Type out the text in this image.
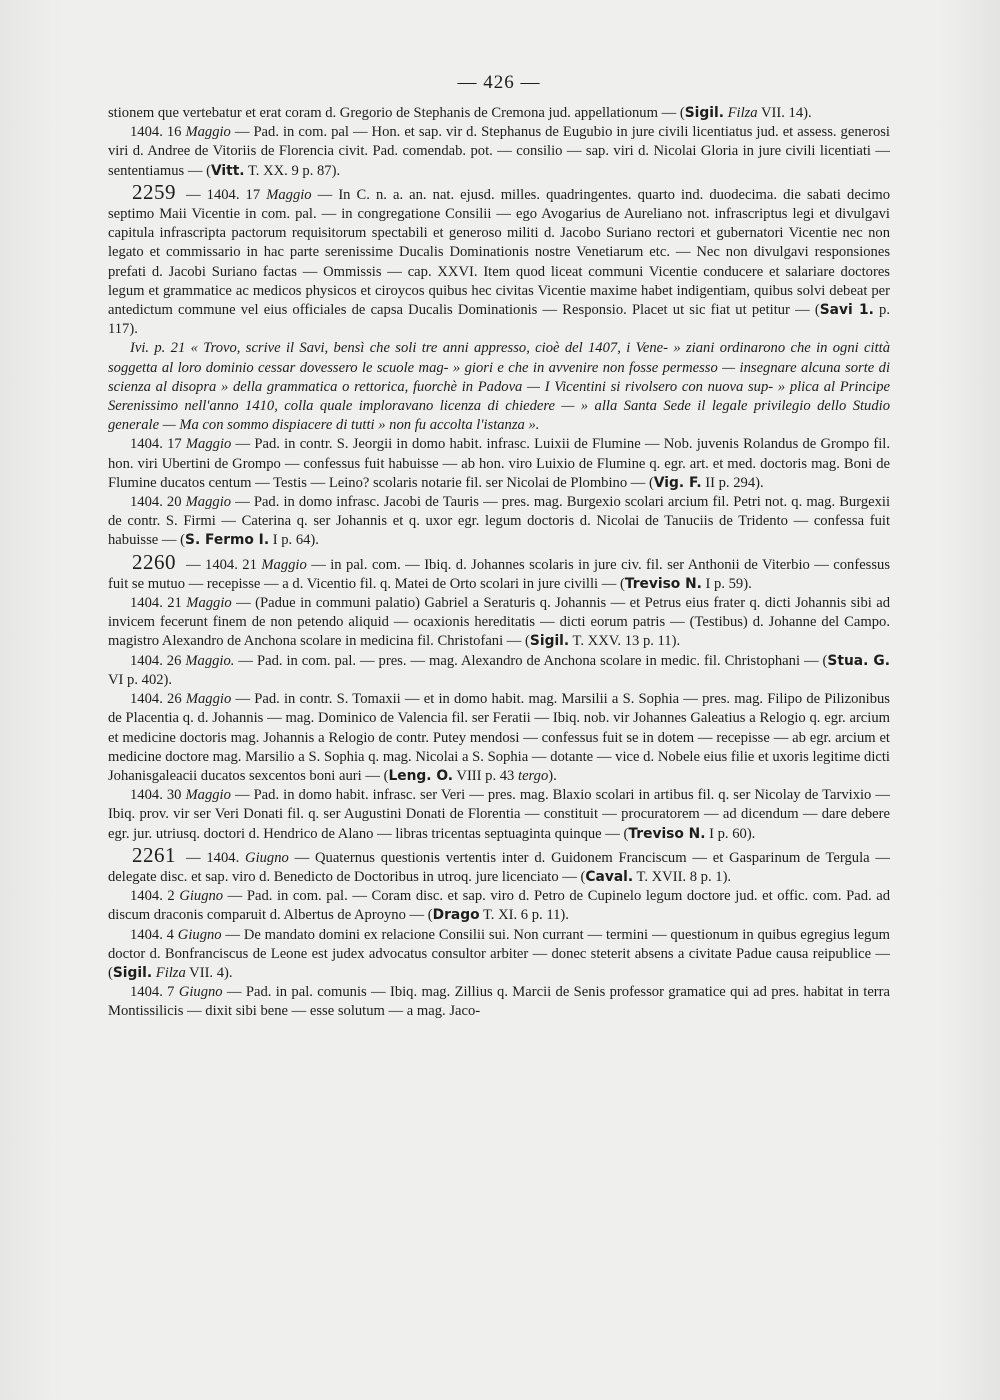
— 426 —

stionem que vertebatur et erat coram d. Gregorio de Stephanis de Cremona jud. appellationum — (Sigil. Filza VII. 14).

1404. 16 Maggio — Pad. in com. pal — Hon. et sap. vir d. Stephanus de Eugubio in jure civili licentiatus jud. et assess. generosi viri d. Andree de Vitoriis de Florencia civit. Pad. comendab. pot. — consilio — sap. viri d. Nicolai Gloria in jure civili licentiati — sententiamus — (Vitt. T. XX. 9 p. 87).

2259 — 1404. 17 Maggio — In C. n. a. an. nat. ejusd. milles. quadringentes. quarto ind. duodecima. die sabati decimo septimo Maii Vicentie in com. pal. — in congregatione Consilii — ego Avogarius de Aureliano not. infrascriptus legi et divulgavi capitula infrascripta pactorum requisitorum spectabili et generoso militi d. Jacobo Suriano rectori et gubernatori Vicentie nec non legato et commissario in hac parte serenissime Ducalis Dominationis nostre Venetiarum etc. — Nec non divulgavi responsiones prefati d. Jacobi Suriano factas — Ommissis — cap. XXVI. Item quod liceat communi Vicentie conducere et salariare doctores legum et grammatice ac medicos physicos et ciroycos quibus hec civitas Vicentie maxime habet indigentiam, quibus solvi debeat per antedictum commune vel eius officiales de capsa Ducalis Dominationis — Responsio. Placet ut sic fiat ut petitur — (Savi 1. p. 117).

Ivi. p. 21 « Trovo, scrive il Savi, bensì che soli tre anni appresso, cioè del 1407, i Vene- » ziani ordinarono che in ogni città soggetta al loro dominio cessar dovessero le scuole mag- » giori e che in avvenire non fosse permesso — insegnare alcuna sorte di scienza al disopra » della grammatica o rettorica, fuorchè in Padova — I Vicentini si rivolsero con nuova sup- » plica al Principe Serenissimo nell'anno 1410, colla quale imploravano licenza di chiedere — » alla Santa Sede il legale privilegio dello Studio generale — Ma con sommo dispiacere di tutti » non fu accolta l'istanza ».

1404. 17 Maggio — Pad. in contr. S. Jeorgii in domo habit. infrasc. Luixii de Flumine — Nob. juvenis Rolandus de Grompo fil. hon. viri Ubertini de Grompo — confessus fuit habuisse — ab hon. viro Luixio de Flumine q. egr. art. et med. doctoris mag. Boni de Flumine ducatos centum — Testis — Leino? scolaris notarie fil. ser Nicolai de Plombino — (Vig. F. II p. 294).

1404. 20 Maggio — Pad. in domo infrasc. Jacobi de Tauris — pres. mag. Burgexio scolari arcium fil. Petri not. q. mag. Burgexii de contr. S. Firmi — Caterina q. ser Johannis et q. uxor egr. legum doctoris d. Nicolai de Tanuciis de Tridento — confessa fuit habuisse — (S. Fermo I. I p. 64).

2260 — 1404. 21 Maggio — in pal. com. — Ibiq. d. Johannes scolaris in jure civ. fil. ser Anthonii de Viterbio — confessus fuit se mutuo — recepisse — a d. Vicentio fil. q. Matei de Orto scolari in jure civilli — (Treviso N. I p. 59).

1404. 21 Maggio — (Padue in communi palatio) Gabriel a Seraturis q. Johannis — et Petrus eius frater q. dicti Johannis sibi ad invicem fecerunt finem de non petendo aliquid — ocaxionis hereditatis — dicti eorum patris — (Testibus) d. Johanne del Campo. magistro Alexandro de Anchona scolare in medicina fil. Christofani — (Sigil. T. XXV. 13 p. 11).

1404. 26 Maggio. — Pad. in com. pal. — pres. — mag. Alexandro de Anchona scolare in medic. fil. Christophani — (Stua. G. VI p. 402).

1404. 26 Maggio — Pad. in contr. S. Tomaxii — et in domo habit. mag. Marsilii a S. Sophia — pres. mag. Filipo de Pilizonibus de Placentia q. d. Johannis — mag. Dominico de Valencia fil. ser Feratii — Ibiq. nob. vir Johannes Galeatius a Relogio q. egr. arcium et medicine doctoris mag. Johannis a Relogio de contr. Putey mendosi — confessus fuit se in dotem — recepisse — ab egr. arcium et medicine doctore mag. Marsilio a S. Sophia q. mag. Nicolai a S. Sophia — dotante — vice d. Nobele eius filie et uxoris legitime dicti Johanisgaleacii ducatos sexcentos boni auri — (Leng. O. VIII p. 43 tergo).

1404. 30 Maggio — Pad. in domo habit. infrasc. ser Veri — pres. mag. Blaxio scolari in artibus fil. q. ser Nicolay de Tarvixio — Ibiq. prov. vir ser Veri Donati fil. q. ser Augustini Donati de Florentia — constituit — procuratorem — ad dicendum — dare debere egr. jur. utriusq. doctori d. Hendrico de Alano — libras tricentas septuaginta quinque — (Treviso N. I p. 60).

2261 — 1404. Giugno — Quaternus questionis vertentis inter d. Guidonem Franciscum — et Gasparinum de Tergula — delegate disc. et sap. viro d. Benedicto de Doctoribus in utroq. jure licenciato — (Caval. T. XVII. 8 p. 1).

1404. 2 Giugno — Pad. in com. pal. — Coram disc. et sap. viro d. Petro de Cupinelo legum doctore jud. et offic. com. Pad. ad discum draconis comparuit d. Albertus de Aproyno — (Drago T. XI. 6 p. 11).

1404. 4 Giugno — De mandato domini ex relacione Consilii sui. Non currant — termini — questionum in quibus egregius legum doctor d. Bonfranciscus de Leone est judex advocatus consultor arbiter — donec steterit absens a civitate Padue causa reipublice — (Sigil. Filza VII. 4).

1404. 7 Giugno — Pad. in pal. comunis — Ibiq. mag. Zillius q. Marcii de Senis professor gramatice qui ad pres. habitat in terra Montissilicis — dixit sibi bene — esse solutum — a mag. Jaco-
